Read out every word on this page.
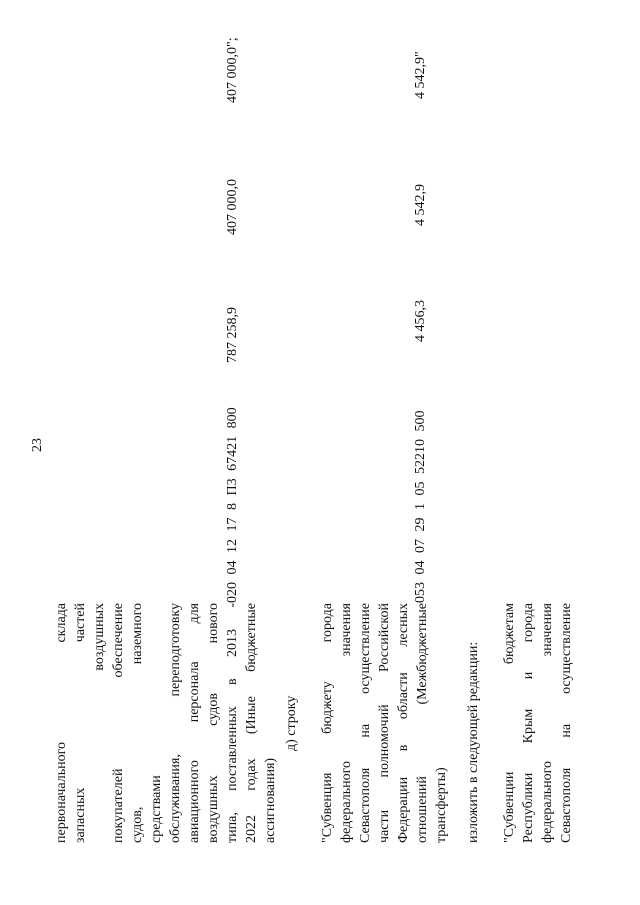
23
первоначального склада запасных частей воздушных покупателей обеспечение судов, наземного средствами обслуживания, переподготовку авиационного персонала для воздушных судов нового типа, поставленных в 2013 - 2022 годах (Иные бюджетные ассигнования)
020 04 12 17 8 П3 67421 800
787 258,9
407 000,0
407 000,0";
д) строку "Субвенция бюджету города федерального значения Севастополя на осуществление части полномочий Российской Федерации в области лесных отношений (Межбюджетные трансферты)
053 04 07 29 1 05 52210 500
4 456,3
4 542,9
4 542,9"
изложить в следующей редакции: "Субвенции бюджетам Республики Крым и города федерального значения Севастополя на осуществление
